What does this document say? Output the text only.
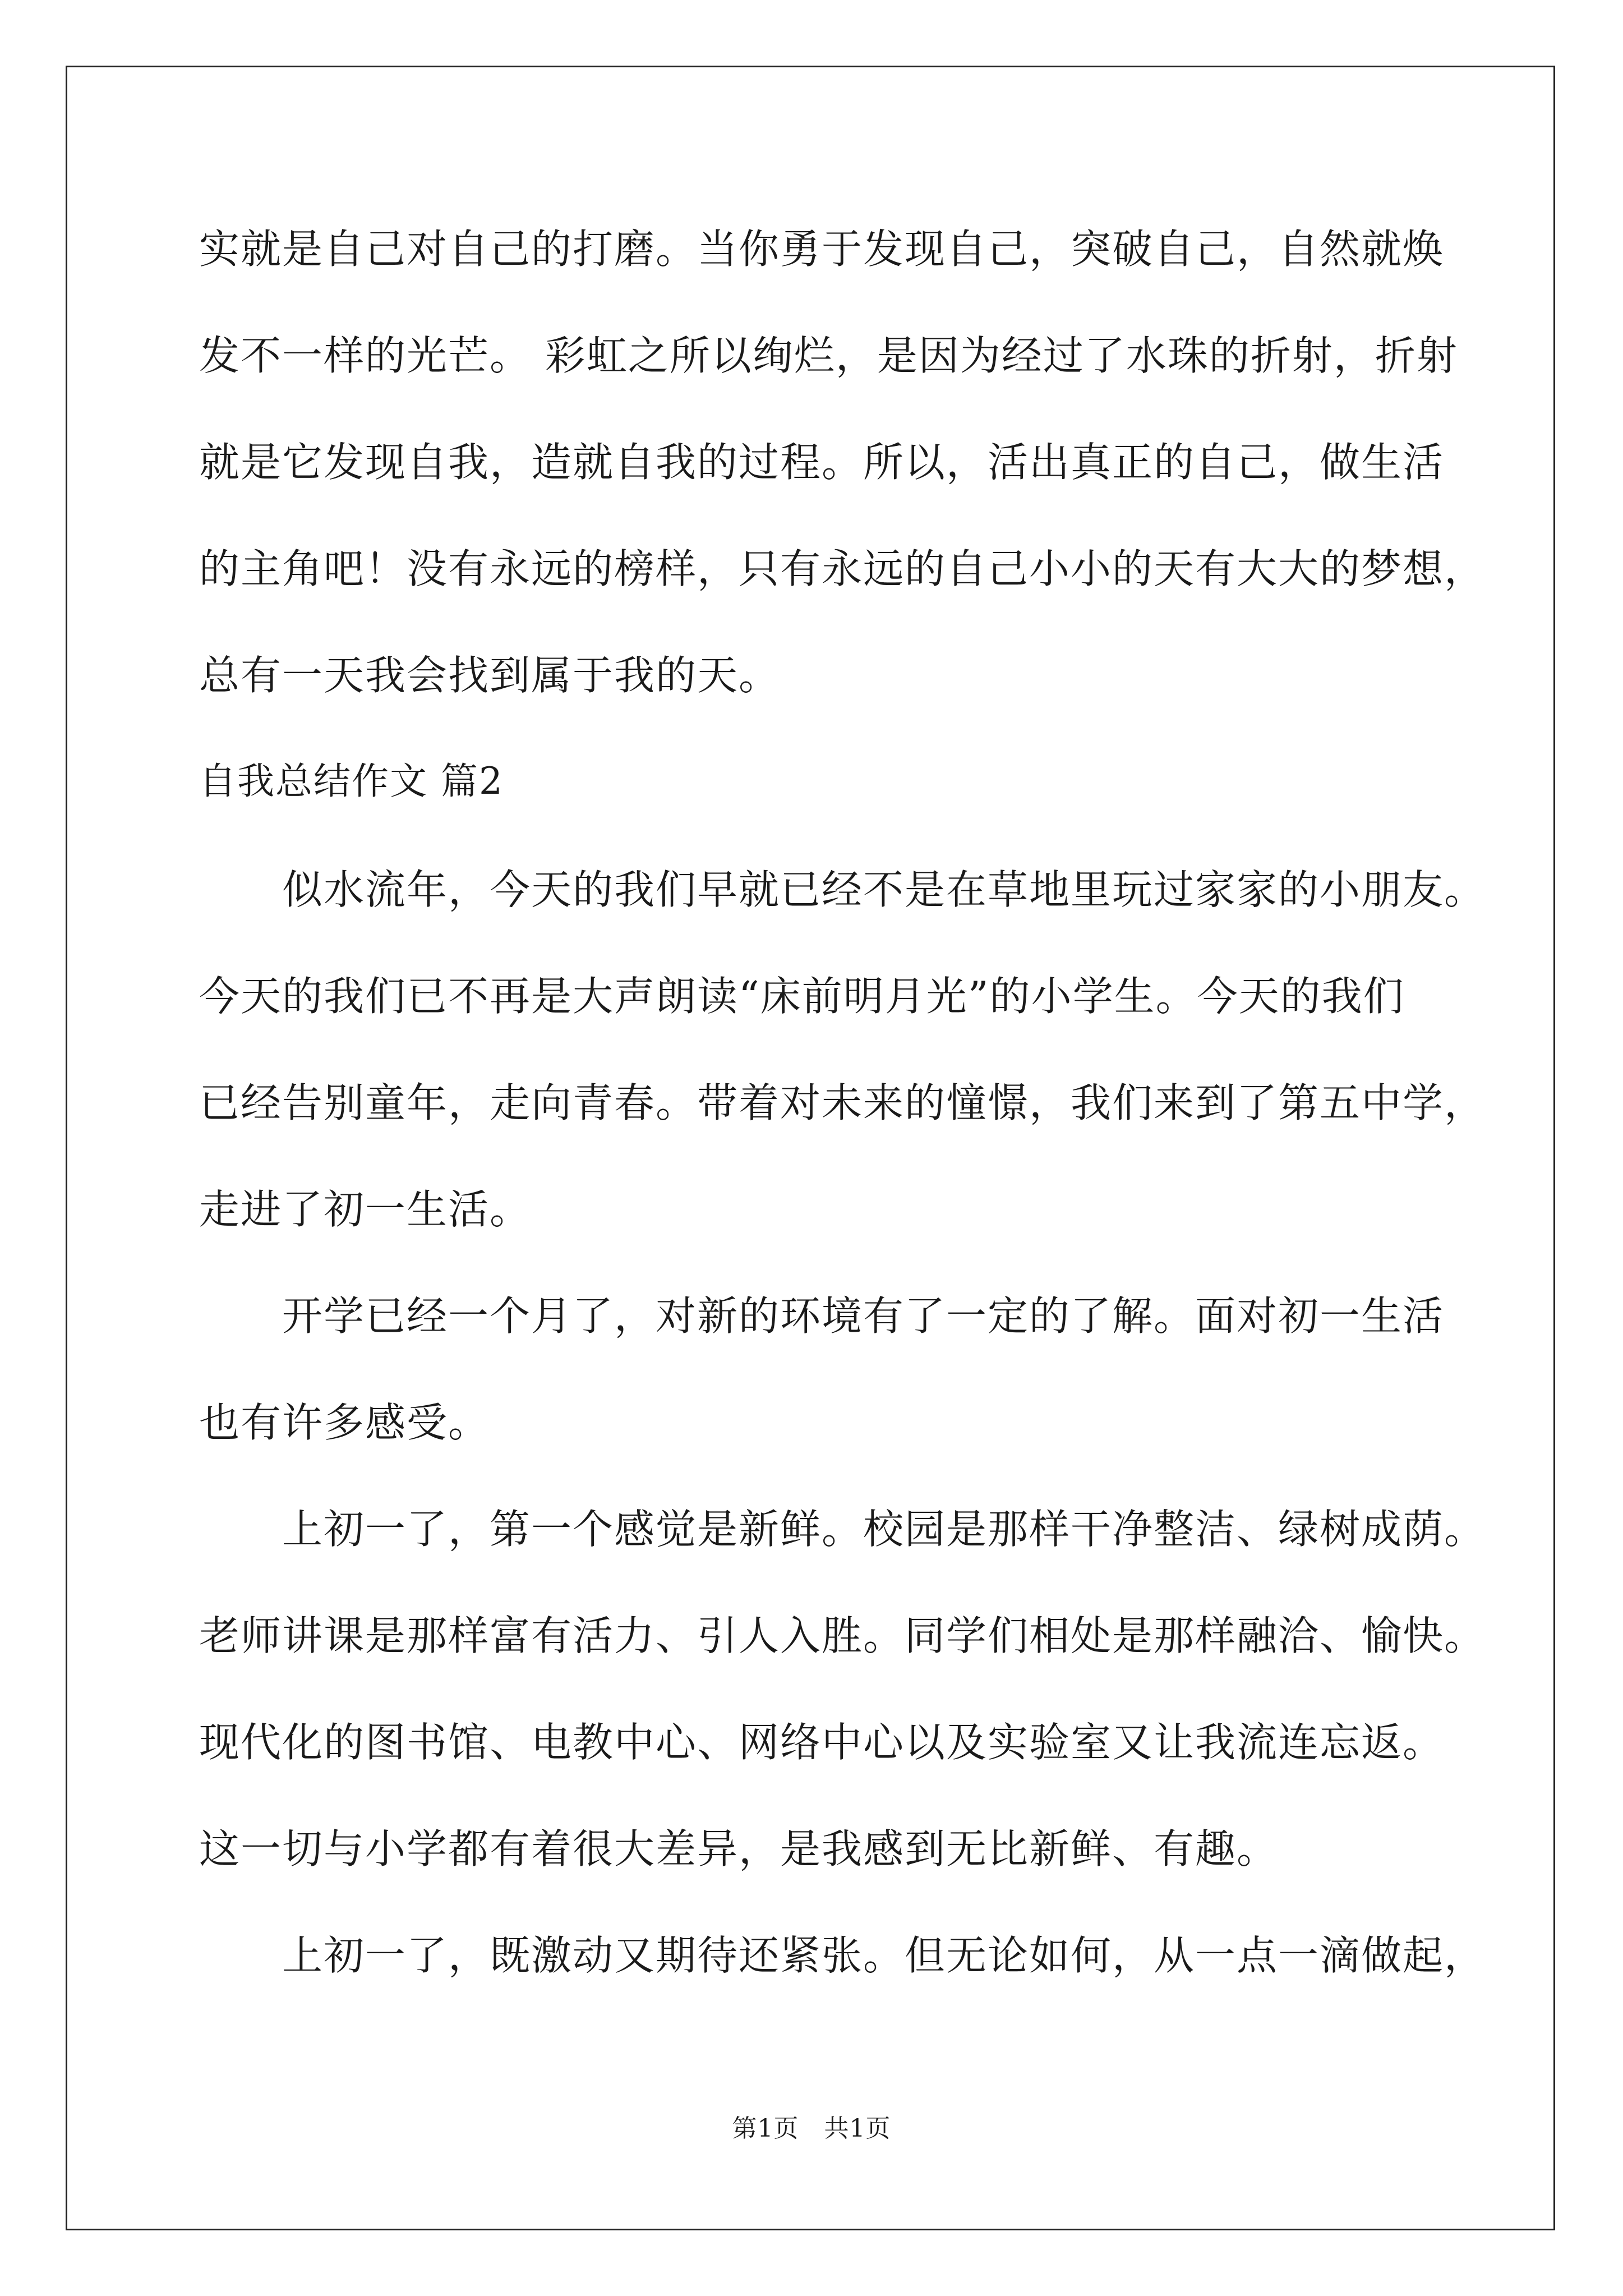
实就是自己对自己的打磨。当你勇于发现自己，突破自己，自然就焕
发不一样的光芒。 彩虹之所以绚烂，是因为经过了水珠的折射，折射
就是它发现自我，造就自我的过程。所以，活出真正的自己，做生活
的主角吧！没有永远的榜样，只有永远的自己小小的天有大大的梦想，
总有一天我会找到属于我的天。
自我总结作文 篇2
　　似水流年，今天的我们早就已经不是在草地里玩过家家的小朋友。
今天的我们已不再是大声朗读“床前明月光”的小学生。今天的我们
已经告别童年，走向青春。带着对未来的憧憬，我们来到了第五中学，
走进了初一生活。
　　开学已经一个月了，对新的环境有了一定的了解。面对初一生活
也有许多感受。
　　上初一了，第一个感觉是新鲜。校园是那样干净整洁、绿树成荫。
老师讲课是那样富有活力、引人入胜。同学们相处是那样融洽、愉快。
现代化的图书馆、电教中心、网络中心以及实验室又让我流连忘返。
这一切与小学都有着很大差异，是我感到无比新鲜、有趣。
　　上初一了，既激动又期待还紧张。但无论如何，从一点一滴做起，
第1页　共1页
